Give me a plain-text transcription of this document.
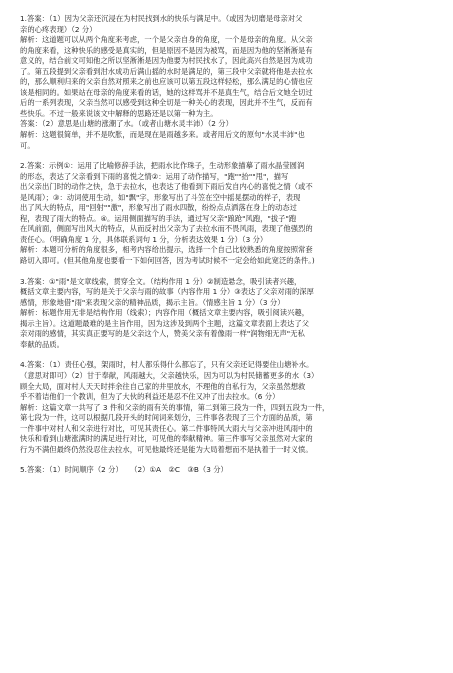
1.答案：（1）因为父亲还沉浸在为村民找到水的快乐与满足中。（或因为切磨是母亲对父
亲的心疼表现）（2 分）
解析：这道题可以从两个角度来考虑，一个是父亲自身的角度，一个是母亲的角度。从父亲
的角度来看，这种快乐的感受是真实的，但是原因不是因为被骂，而是因为他的坚淅淅是有
意义的，结合前文可知他之所以坚淅淅是因为他要为村民找水了，因此高兴自然是因为成功
了。第五段提到父亲看到泔水成功后满山摇的水时是满足的，第三段中父亲就将他是去拉水
的，那么顺利归来的父亲自然对照来之前也应该可以第五段这样轻松，那么满足的心情也应
该是相同的。如果站在母亲的角度来看的话，她的这样骂并不是真生气，结合后文她全切过
后的一系列表现，父亲当然可以感受到这种全切是一种关心的表现，因此并不生气，反而有
些快乐。不过一般来说该文中解释的思路还是以第一种为主。
答案：（2）意思是山塘的涨潮了水。（或者山塘水灵丰沛）（2 分）
解析：这题很简单，并不是吹胀，而是现在是雨越多来。或者用后文的原句"水灵丰沛"也
可。
2.答案：示例①：运用了比喻修辞手法，把雨水比作珠子，生动形象描摹了雨水晶莹圆润
的形态，表达了父亲看到下雨的喜悦之情②：运用了动作描写，"跑""抬""甩"，描写
出父亲出门时的动作之快，急于去拉水，也表达了他看到下雨后发自内心的喜悦之情（或不
是风雨）；③：动词使用生动，如"飘"字，形象写出了斗笠在空中摇晃摆动的样子，表现
出了风大的特点，用"回射""激"，形象写出了雨水四散，纷纷点点洒落在身上的动态过
程，表现了雨大的特点。④。运用侧面描写的手法，通过写父亲"踉跄"风跑，"拔子"跑
在风前面，侧面写出风大的特点，从而反衬出父亲为了去拉水而不畏风雨，表现了他强烈的
责任心。（明确角度 1 分，具体联系词句 1 分，分析表达效果 1 分）（3 分）
解析：本题可分析的角度很多，相考内容给出提示，选择一个自己比较熟悉的角度按照常套
路切入即可。(但其他角度也要看一下如何回答，因为考试时候不一定会给如此宽泛的条件。)
3.答案：①"雨"是文章线索，贯穿全文。（结构作用 1 分）②制造悬念，吸引读者兴趣，
概括文章主要内容，写的是关于父亲与雨的故事（内容作用 1 分）③表达了父亲对雨的深厚
感情，形象地借"雨"来表现父亲的精神品质，揭示主旨。（情感主旨 1 分）（3 分）
解析：标题作用无非是结构作用（线索）；内容作用（概括文章主要内容，吸引阅读兴趣，
揭示主旨）。这道题最难的是主旨作用，因为这涉及到两个主题，这篇文章表面上表达了父
亲对雨的感情，其实真正要写的是父亲这个人，赞美父亲有着像雨一样"润物细无声"无私
奉献的品质。
4.答案：（1）责任心强，架雨时，村人都乐得什么都忘了，只有父亲还记得要住山塘补水。
（意思对即可）（2）甘于奉献，风雨越大，父亲越快乐，因为可以为村民储蓄更多的水（3）
顾全大局，面对村人天天时拌余往自己家的井里放水，不理他的自私行为，父亲虽然想救
乎不着诘他们一个教训，但为了大伙的利益还是忍不住又冲了出去拉水。（6 分）
解析：这篇文章一共写了 3 件和父亲的雨有关的事情，第二到第三段为一件，四到五段为一件，
第七段为一件，这可以根据几段开头的时间词来划分，三件事各表现了三个方面的品质，第
一件事中对村人和父亲进行对比，可见其责任心。第二件事特风大雨大与父亲冲进风雨中的
快乐和看到山塘涨满时的满足进行对比，可见他的奉献精神。第三件事写父亲虽然对大家的
行为不满但最终仍然没忍住去拉水，可见他最终还是能为大局着想而不是执着于一时义愤。
5.答案：（1）时间顺序（2 分）　　（2）①A　②C　③B（3 分）
